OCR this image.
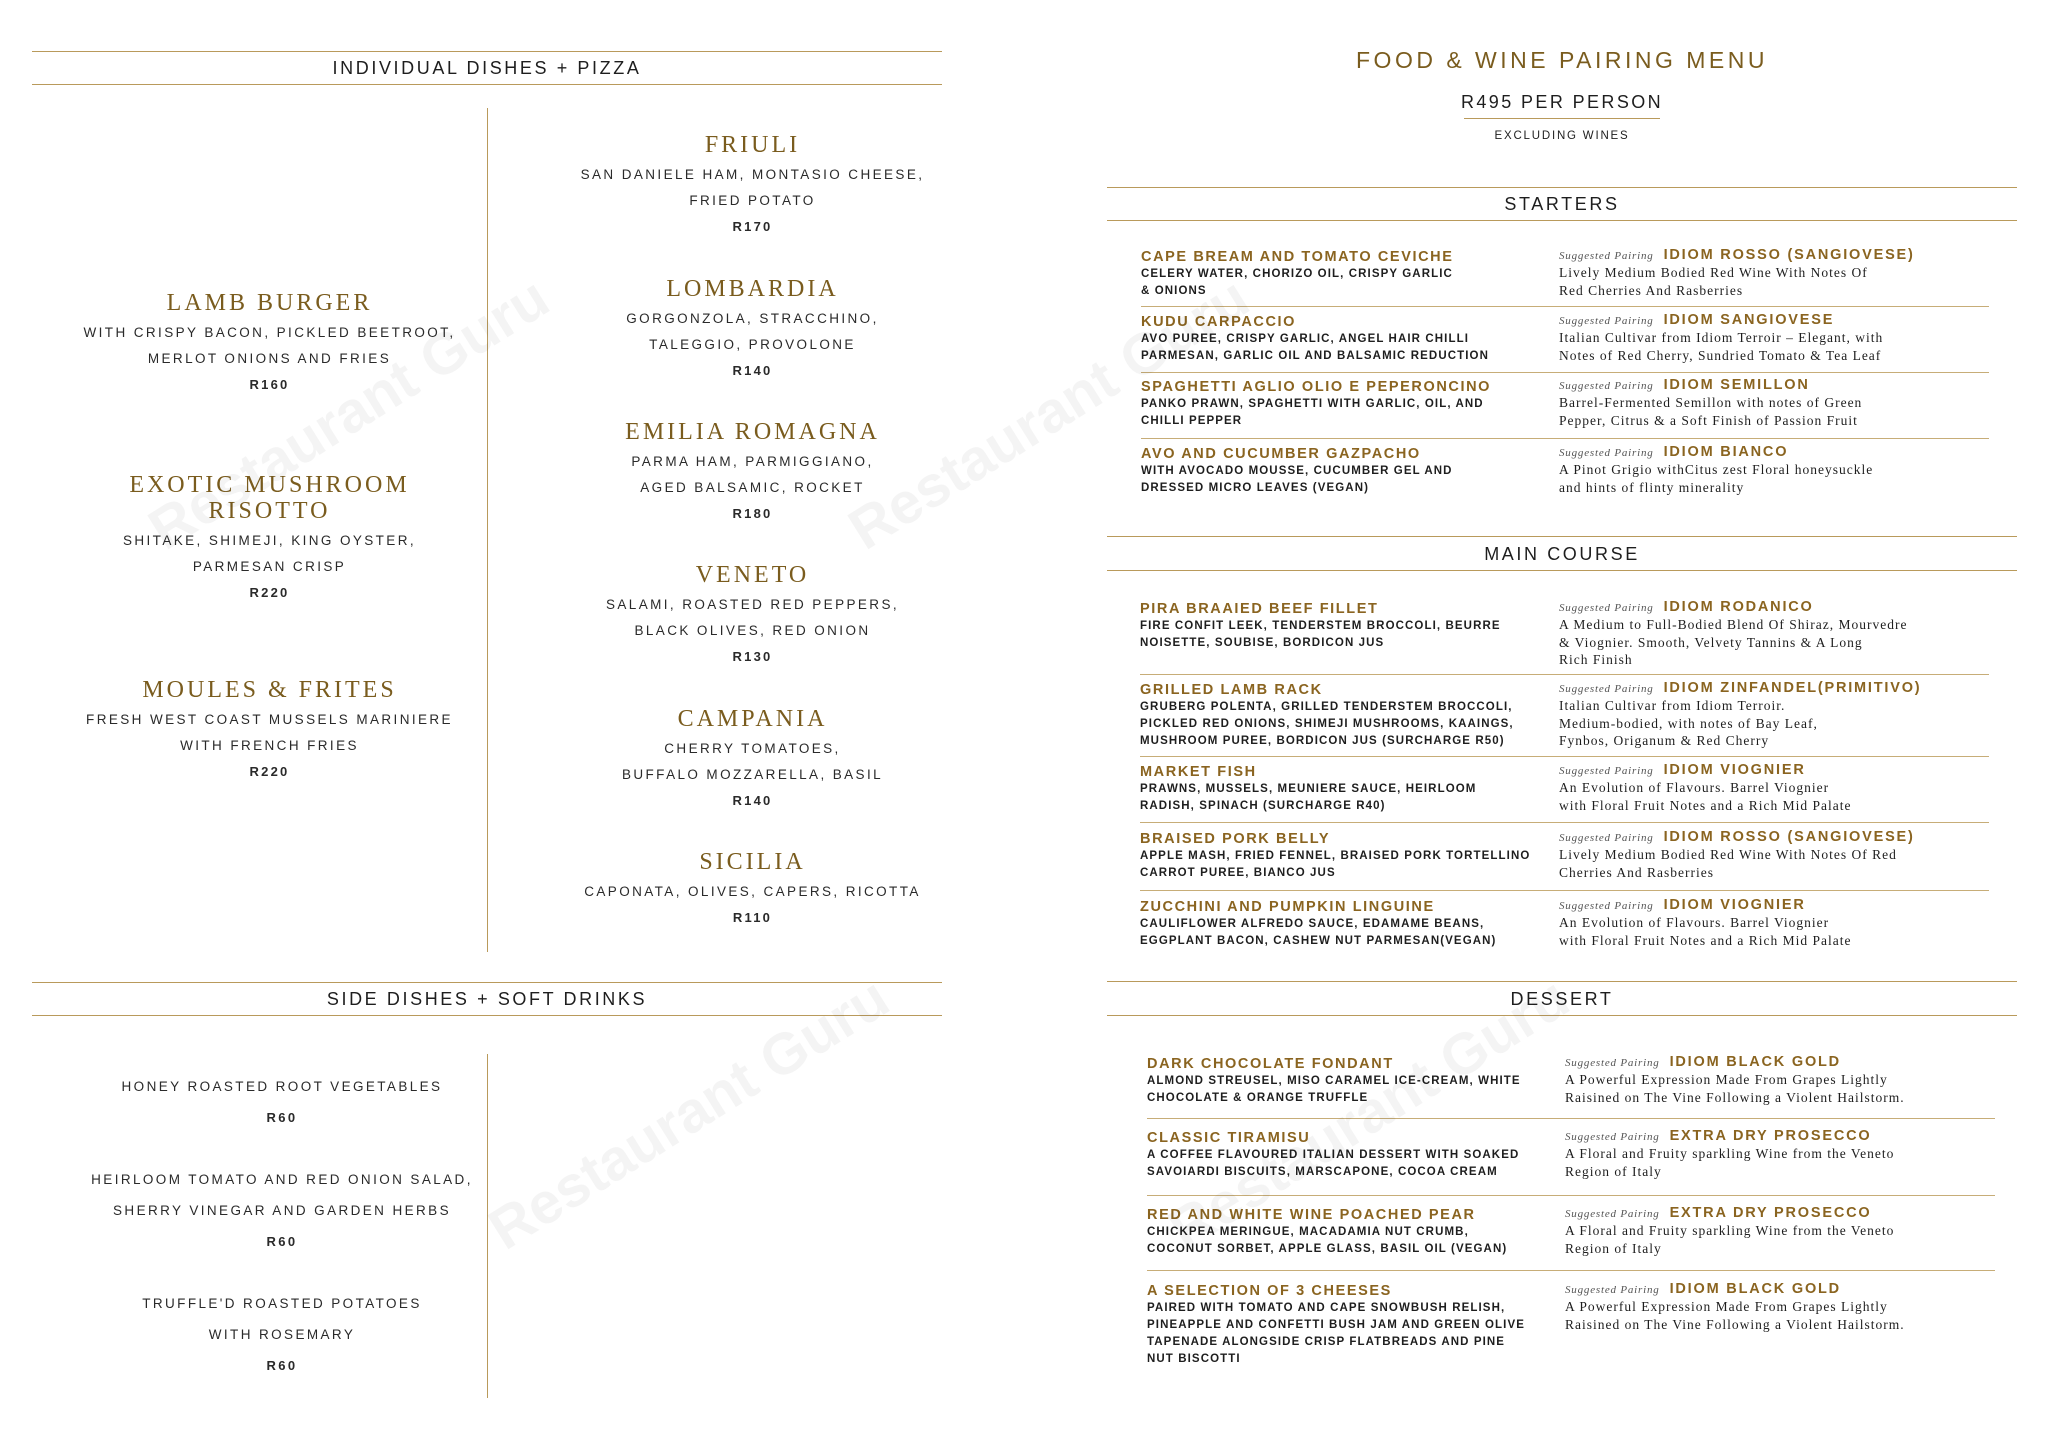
INDIVIDUAL DISHES + PIZZA
LAMB BURGER
WITH CRISPY BACON, PICKLED BEETROOT,
MERLOT ONIONS AND FRIES
R160
EXOTIC MUSHROOM
RISOTTO
SHITAKE, SHIMEJI, KING OYSTER,
PARMESAN CRISP
R220
MOULES & FRITES
FRESH WEST COAST MUSSELS MARINIERE
WITH FRENCH FRIES
R220
FRIULI
SAN DANIELE HAM, MONTASIO CHEESE,
FRIED POTATO
R170
LOMBARDIA
GORGONZOLA, STRACCHINO,
TALEGGIO, PROVOLONE
R140
EMILIA ROMAGNA
PARMA HAM, PARMIGGIANO,
AGED BALSAMIC, ROCKET
R180
VENETO
SALAMI, ROASTED RED PEPPERS,
BLACK OLIVES, RED ONION
R130
CAMPANIA
CHERRY TOMATOES,
BUFFALO MOZZARELLA, BASIL
R140
SICILIA
CAPONATA, OLIVES, CAPERS, RICOTTA
R110
SIDE DISHES + SOFT DRINKS
HONEY ROASTED ROOT VEGETABLES
R60
HEIRLOOM TOMATO AND RED ONION SALAD,
SHERRY VINEGAR AND GARDEN HERBS
R60
TRUFFLE'D ROASTED POTATOES
WITH ROSEMARY
R60
FOOD & WINE PAIRING MENU
R495 PER PERSON
EXCLUDING WINES
STARTERS
MAIN COURSE
DESSERT
CAPE BREAM AND TOMATO CEVICHE
CELERY WATER, CHORIZO OIL, CRISPY GARLIC
& ONIONS
Suggested Pairing IDIOM ROSSO (SANGIOVESE)
Lively Medium Bodied Red Wine With Notes Of
Red Cherries And Rasberries
KUDU CARPACCIO
AVO PUREE, CRISPY GARLIC, ANGEL HAIR CHILLI
PARMESAN, GARLIC OIL AND BALSAMIC REDUCTION
Suggested Pairing IDIOM SANGIOVESE
Italian Cultivar from Idiom Terroir – Elegant, with
Notes of Red Cherry, Sundried Tomato & Tea Leaf
SPAGHETTI AGLIO OLIO E PEPERONCINO
PANKO PRAWN, SPAGHETTI WITH GARLIC, OIL, AND
CHILLI PEPPER
Suggested Pairing IDIOM SEMILLON
Barrel-Fermented Semillon with notes of Green
Pepper, Citrus & a Soft Finish of Passion Fruit
AVO AND CUCUMBER GAZPACHO
WITH AVOCADO MOUSSE, CUCUMBER GEL AND
DRESSED MICRO LEAVES (VEGAN)
Suggested Pairing IDIOM BIANCO
A Pinot Grigio withCitus zest Floral honeysuckle
and hints of flinty minerality
PIRA BRAAIED BEEF FILLET
FIRE CONFIT LEEK, TENDERSTEM BROCCOLI, BEURRE
NOISETTE, SOUBISE, BORDICON JUS
Suggested Pairing IDIOM RODANICO
A Medium to Full-Bodied Blend Of Shiraz, Mourvedre
& Viognier. Smooth, Velvety Tannins & A Long
Rich Finish
GRILLED LAMB RACK
GRUBERG POLENTA, GRILLED TENDERSTEM BROCCOLI,
PICKLED RED ONIONS, SHIMEJI MUSHROOMS, KAAINGS,
MUSHROOM PUREE, BORDICON JUS (SURCHARGE R50)
Suggested Pairing IDIOM ZINFANDEL(PRIMITIVO)
Italian Cultivar from Idiom Terroir.
Medium-bodied, with notes of Bay Leaf,
Fynbos, Origanum & Red Cherry
MARKET FISH
PRAWNS, MUSSELS, MEUNIERE SAUCE, HEIRLOOM
RADISH, SPINACH (SURCHARGE R40)
Suggested Pairing IDIOM VIOGNIER
An Evolution of Flavours. Barrel Viognier
with Floral Fruit Notes and a Rich Mid Palate
BRAISED PORK BELLY
APPLE MASH, FRIED FENNEL, BRAISED PORK TORTELLINO
CARROT PUREE, BIANCO JUS
Suggested Pairing IDIOM ROSSO (SANGIOVESE)
Lively Medium Bodied Red Wine With Notes Of Red
Cherries And Rasberries
ZUCCHINI AND PUMPKIN LINGUINE
CAULIFLOWER ALFREDO SAUCE, EDAMAME BEANS,
EGGPLANT BACON, CASHEW NUT PARMESAN(VEGAN)
Suggested Pairing IDIOM VIOGNIER
An Evolution of Flavours. Barrel Viognier
with Floral Fruit Notes and a Rich Mid Palate
DARK CHOCOLATE FONDANT
ALMOND STREUSEL, MISO CARAMEL ICE-CREAM, WHITE
CHOCOLATE & ORANGE TRUFFLE
Suggested Pairing IDIOM BLACK GOLD
A Powerful Expression Made From Grapes Lightly
Raisined on The Vine Following a Violent Hailstorm.
CLASSIC TIRAMISU
A COFFEE FLAVOURED ITALIAN DESSERT WITH SOAKED
SAVOIARDI BISCUITS, MARSCAPONE, COCOA CREAM
Suggested Pairing EXTRA DRY PROSECCO
A Floral and Fruity sparkling Wine from the Veneto
Region of Italy
RED AND WHITE WINE POACHED PEAR
CHICKPEA MERINGUE, MACADAMIA NUT CRUMB,
COCONUT SORBET, APPLE GLASS, BASIL OIL (VEGAN)
Suggested Pairing EXTRA DRY PROSECCO
A Floral and Fruity sparkling Wine from the Veneto
Region of Italy
A SELECTION OF 3 CHEESES
PAIRED WITH TOMATO AND CAPE SNOWBUSH RELISH,
PINEAPPLE AND CONFETTI BUSH JAM AND GREEN OLIVE
TAPENADE ALONGSIDE CRISP FLATBREADS AND PINE
NUT BISCOTTI
Suggested Pairing IDIOM BLACK GOLD
A Powerful Expression Made From Grapes Lightly
Raisined on The Vine Following a Violent Hailstorm.
